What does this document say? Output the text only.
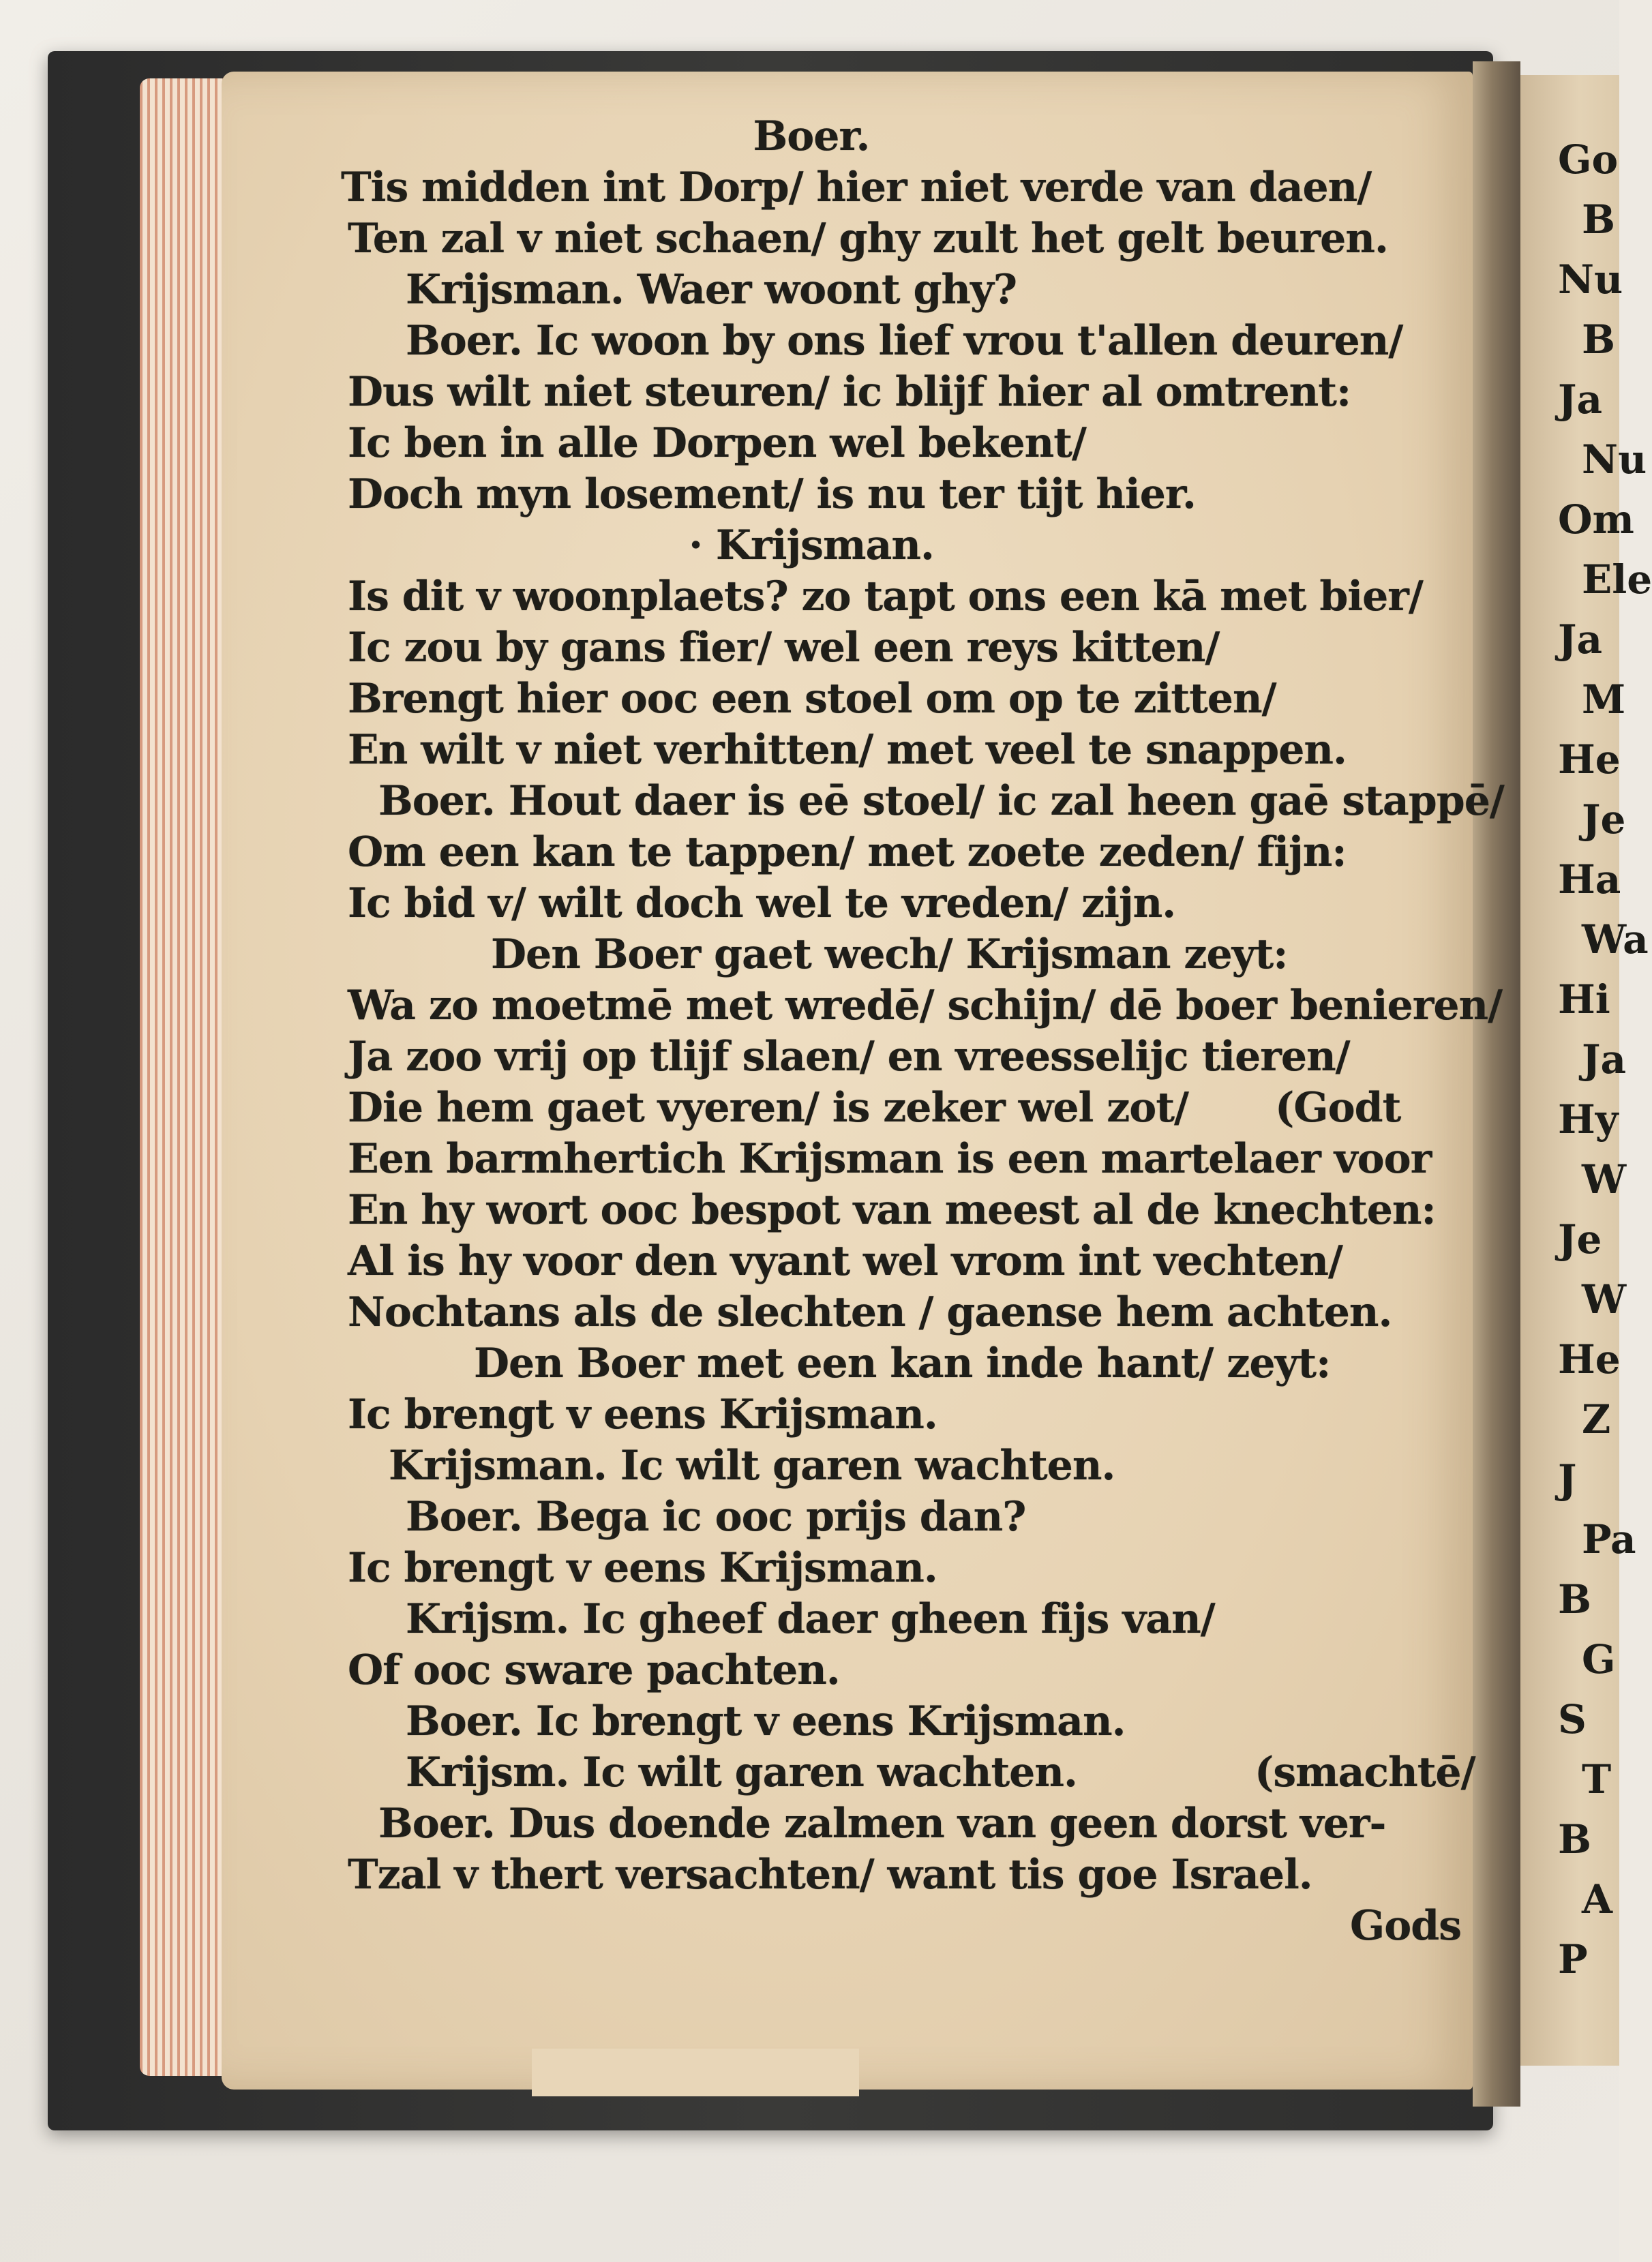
Go
B
Nu
B
Ja
Nu
Om
Ele
Ja
M
He
Je
Ha
Wa
Hi
Ja
Hy
W
Je
W
He
Z
J
Pa
B
G
S
T
B
A
P
Boer.
Tis midden int Dorp/ hier niet verde van daen/
Ten zal v niet schaen/ ghy zult het gelt beuren.
Krijsman. Waer woont ghy?
Boer. Ic woon by ons lief vrou t'allen deuren/
Dus wilt niet steuren/ ic blijf hier al omtrent:
Ic ben in alle Dorpen wel bekent/
Doch myn losement/ is nu ter tijt hier.
· Krijsman.
Is dit v woonplaets? zo tapt ons een kā met bier/
Ic zou by gans fier/ wel een reys kitten/
Brengt hier ooc een stoel om op te zitten/
En wilt v niet verhitten/ met veel te snappen.
Boer. Hout daer is eē stoel/ ic zal heen gaē stappē/
Om een kan te tappen/ met zoete zeden/ fijn:
Ic bid v/ wilt doch wel te vreden/ zijn.
Den Boer gaet wech/ Krijsman zeyt:
Wa zo moetmē met wredē/ schijn/ dē boer benieren/
Ja zoo vrij op tlijf slaen/ en vreesselijc tieren/
Die hem gaet vyeren/ is zeker wel zot/ (Godt
Een barmhertich Krijsman is een martelaer voor
En hy wort ooc bespot van meest al de knechten:
Al is hy voor den vyant wel vrom int vechten/
Nochtans als de slechten / gaense hem achten.
Den Boer met een kan inde hant/ zeyt:
Ic brengt v eens Krijsman.
Krijsman. Ic wilt garen wachten.
Boer. Bega ic ooc prijs dan?
Ic brengt v eens Krijsman.
Krijsm. Ic gheef daer gheen fijs van/
Of ooc sware pachten.
Boer. Ic brengt v eens Krijsman.
Krijsm. Ic wilt garen wachten.	(smachtē/
Boer. Dus doende zalmen van geen dorst ver-
Tzal v thert versachten/ want tis goe Israel.
Gods
